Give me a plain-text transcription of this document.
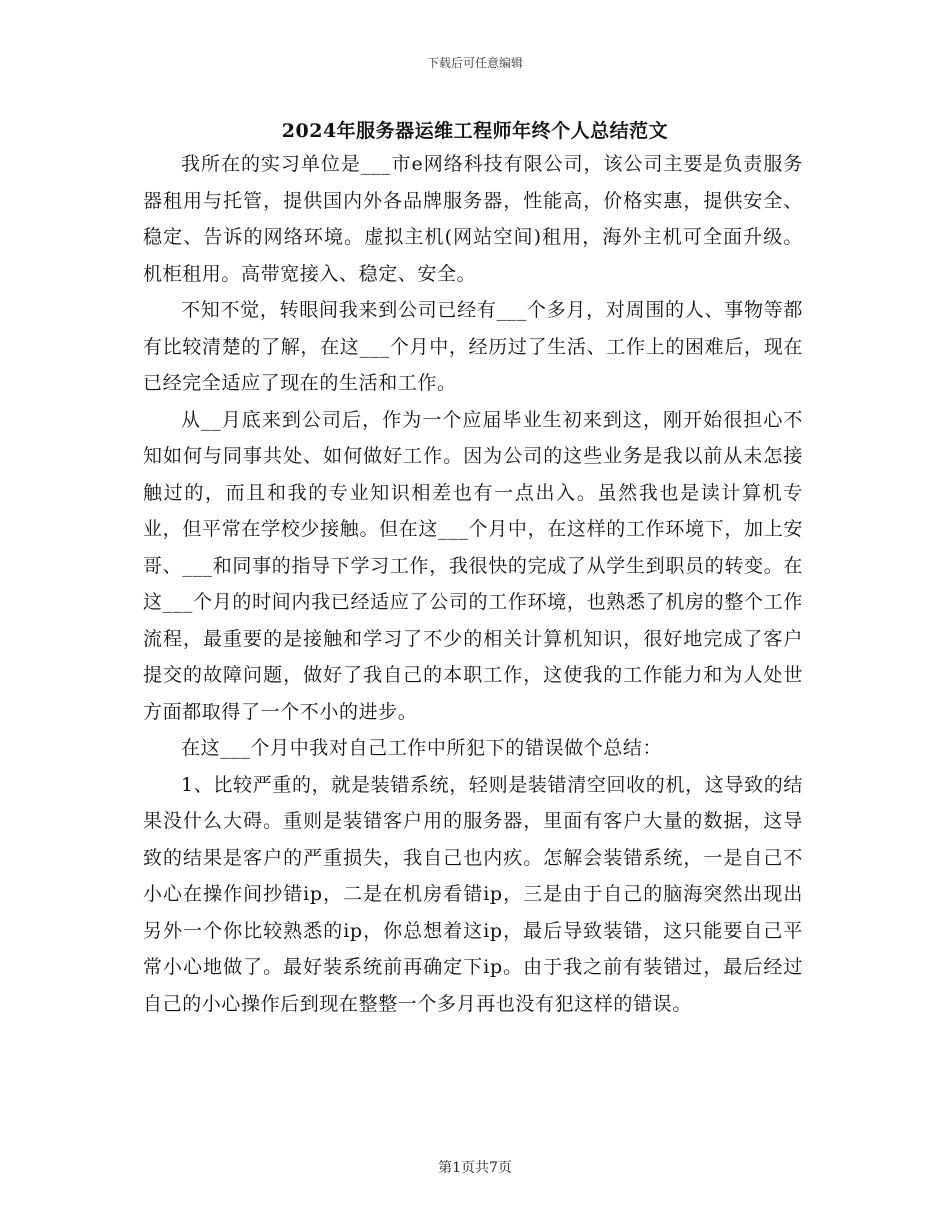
下载后可任意编辑
2024年服务器运维工程师年终个人总结范文

我所在的实习单位是___市e网络科技有限公司，该公司主要是负责服务器租用与托管，提供国内外各品牌服务器，性能高，价格实惠，提供安全、稳定、告诉的网络环境。虚拟主机(网站空间)租用，海外主机可全面升级。机柜租用。高带宽接入、稳定、安全。

不知不觉，转眼间我来到公司已经有___个多月，对周围的人、事物等都有比较清楚的了解，在这___个月中，经历过了生活、工作上的困难后，现在已经完全适应了现在的生活和工作。

从__月底来到公司后，作为一个应届毕业生初来到这，刚开始很担心不知如何与同事共处、如何做好工作。因为公司的这些业务是我以前从未怎接触过的，而且和我的专业知识相差也有一点出入。虽然我也是读计算机专业，但平常在学校少接触。但在这___个月中，在这样的工作环境下，加上安哥、___和同事的指导下学习工作，我很快的完成了从学生到职员的转变。在这___个月的时间内我已经适应了公司的工作环境，也熟悉了机房的整个工作流程，最重要的是接触和学习了不少的相关计算机知识，很好地完成了客户提交的故障问题，做好了我自己的本职工作，这使我的工作能力和为人处世方面都取得了一个不小的进步。

在这___个月中我对自己工作中所犯下的错误做个总结：

1、比较严重的，就是装错系统，轻则是装错清空回收的机，这导致的结果没什么大碍。重则是装错客户用的服务器，里面有客户大量的数据，这导致的结果是客户的严重损失，我自己也内疚。怎解会装错系统，一是自己不小心在操作间抄错ip，二是在机房看错ip，三是由于自己的脑海突然出现出另外一个你比较熟悉的ip，你总想着这ip，最后导致装错，这只能要自己平常小心地做了。最好装系统前再确定下ip。由于我之前有装错过，最后经过自己的小心操作后到现在整整一个多月再也没有犯这样的错误。

第1页共7页
